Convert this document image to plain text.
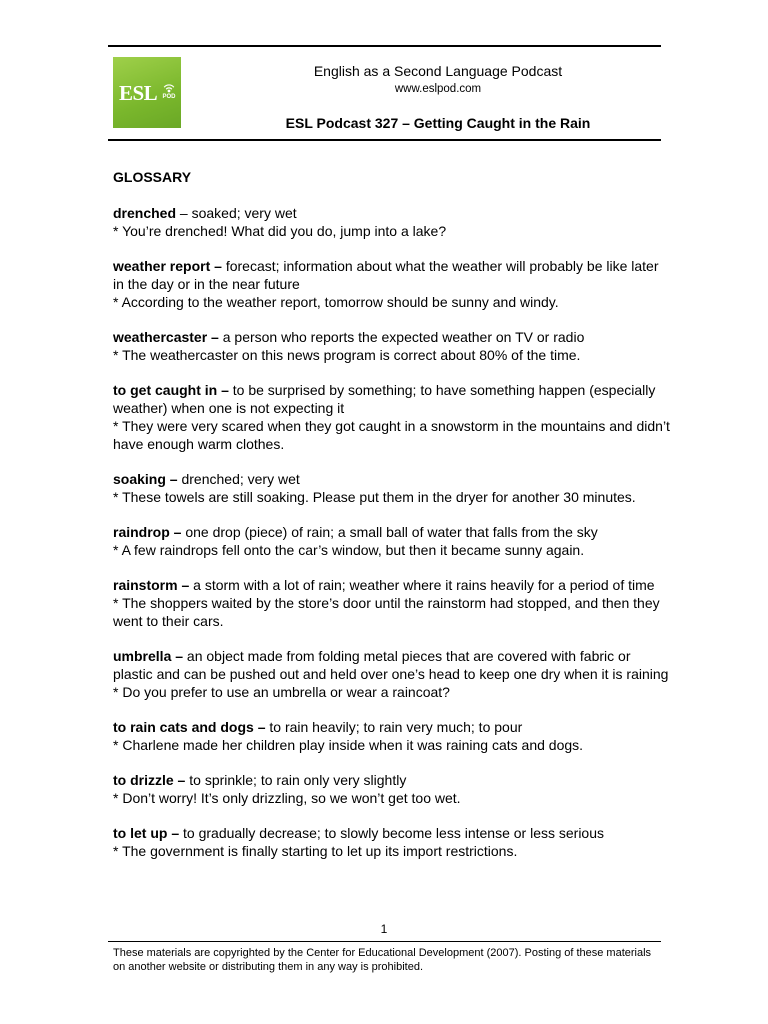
ESL POD
English as a Second Language Podcast
www.eslpod.com
ESL Podcast 327 – Getting Caught in the Rain

GLOSSARY

drenched – soaked; very wet

* You’re drenched! What did you do, jump into a lake?

weather report – forecast; information about what the weather will probably be like later in the day or in the near future

* According to the weather report, tomorrow should be sunny and windy.

weathercaster – a person who reports the expected weather on TV or radio

* The weathercaster on this news program is correct about 80% of the time.

to get caught in – to be surprised by something; to have something happen (especially weather) when one is not expecting it

* They were very scared when they got caught in a snowstorm in the mountains and didn’t have enough warm clothes.

soaking – drenched; very wet

* These towels are still soaking. Please put them in the dryer for another 30 minutes.

raindrop – one drop (piece) of rain; a small ball of water that falls from the sky

* A few raindrops fell onto the car’s window, but then it became sunny again.

rainstorm – a storm with a lot of rain; weather where it rains heavily for a period of time

* The shoppers waited by the store’s door until the rainstorm had stopped, and then they went to their cars.

umbrella – an object made from folding metal pieces that are covered with fabric or plastic and can be pushed out and held over one’s head to keep one dry when it is raining

* Do you prefer to use an umbrella or wear a raincoat?

to rain cats and dogs – to rain heavily; to rain very much; to pour

* Charlene made her children play inside when it was raining cats and dogs.

to drizzle – to sprinkle; to rain only very slightly

* Don’t worry! It’s only drizzling, so we won’t get too wet.

to let up – to gradually decrease; to slowly become less intense or less serious

* The government is finally starting to let up its import restrictions.

1
These materials are copyrighted by the Center for Educational Development (2007). Posting of these materials on another website or distributing them in any way is prohibited.
